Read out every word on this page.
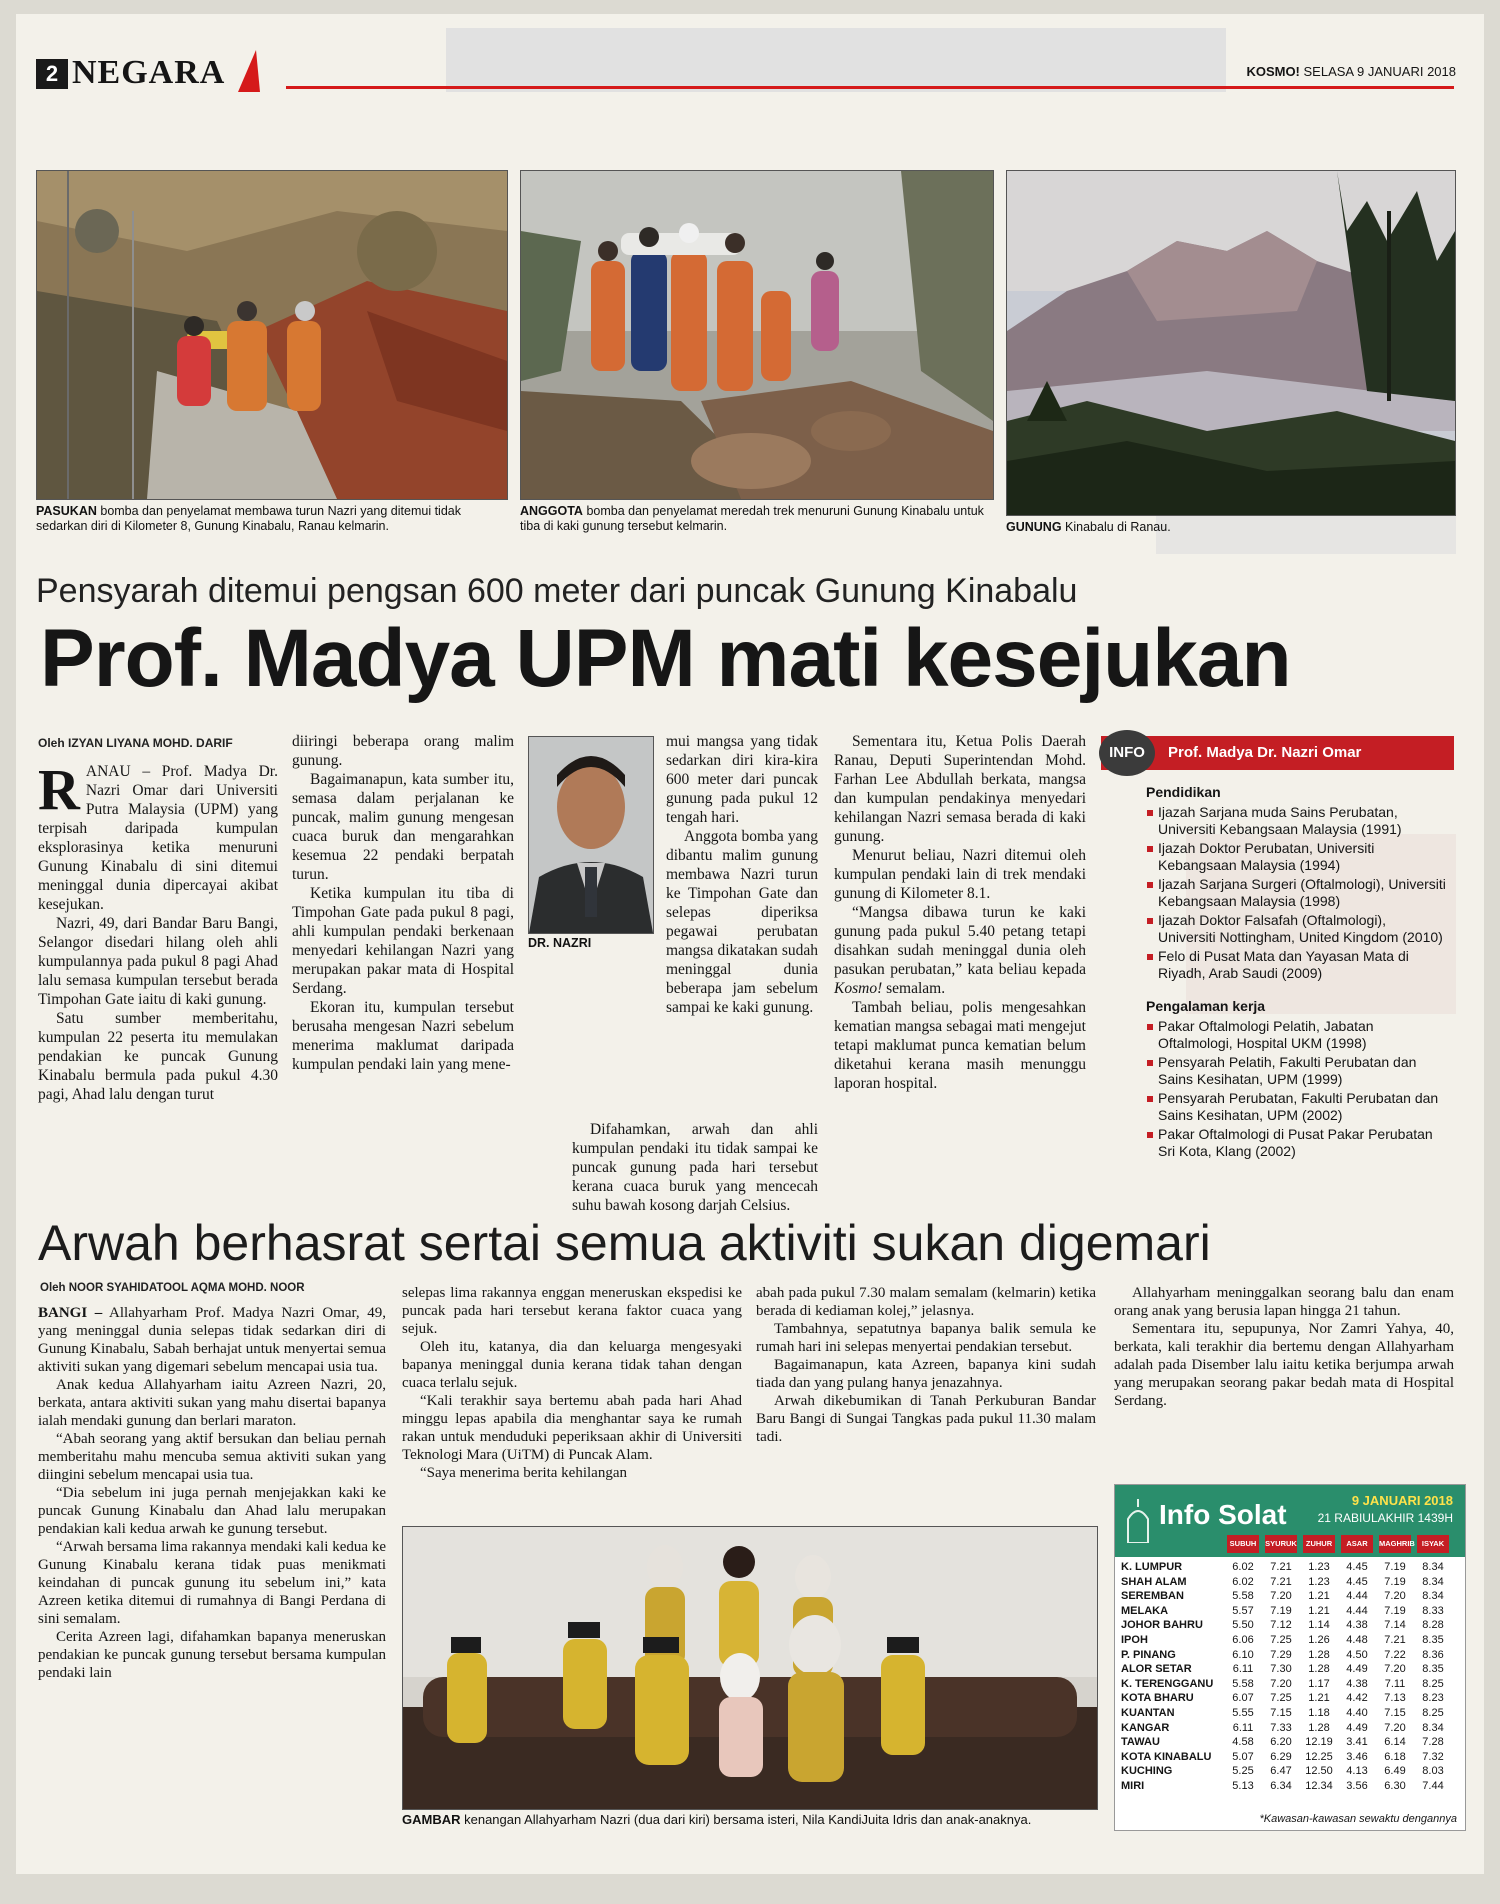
2 NEGARA	KOSMO! SELASA 9 JANUARI 2018
PASUKAN bomba dan penyelamat membawa turun Nazri yang ditemui tidak sedarkan diri di Kilometer 8, Gunung Kinabalu, Ranau kelmarin.
ANGGOTA bomba dan penyelamat meredah trek menuruni Gunung Kinabalu untuk tiba di kaki gunung tersebut kelmarin.	GUNUNG Kinabalu di Ranau.
Pensyarah ditemui pengsan 600 meter dari puncak Gunung Kinabalu
Prof. Madya UPM mati kesejukan
Oleh IZYAN LIYANA MOHD. DARIF

RANAU – Prof. Madya Dr. Nazri Omar dari Universiti Putra Malaysia (UPM) yang terpisah daripada kumpulan eksplorasinya ketika menuruni Gunung Kinabalu di sini ditemui meninggal dunia dipercayai akibat kesejukan.

Nazri, 49, dari Bandar Baru Bangi, Selangor disedari hilang oleh ahli kumpulannya pada pukul 8 pagi Ahad lalu semasa kumpulan tersebut berada Timpohan Gate iaitu di kaki gunung.

Satu sumber memberitahu, kumpulan 22 peserta itu memulakan pendakian ke puncak Gunung Kinabalu bermula pada pukul 4.30 pagi, Ahad lalu dengan turut

diiringi beberapa orang malim gunung.

Bagaimanapun, kata sumber itu, semasa dalam perjalanan ke puncak, malim gunung mengesan cuaca buruk dan mengarahkan kesemua 22 pendaki berpatah turun.

Ketika kumpulan itu tiba di Timpohan Gate pada pukul 8 pagi, ahli kumpulan pendaki berkenaan menyedari kehilangan Nazri yang merupakan pakar mata di Hospital Serdang.

Ekoran itu, kumpulan tersebut berusaha mengesan Nazri sebelum menerima maklumat daripada kumpulan pendaki lain yang mene-

DR. NAZRI

mui mangsa yang tidak sedarkan diri kira-kira 600 meter dari puncak gunung pada pukul 12 tengah hari.

Anggota bomba yang dibantu malim gunung membawa Nazri turun ke Timpohan Gate dan selepas diperiksa pegawai perubatan mangsa dikatakan sudah meninggal dunia beberapa jam sebelum sampai ke kaki gunung.

Difahamkan, arwah dan ahli kumpulan pendaki itu tidak sampai ke puncak gunung pada hari tersebut kerana cuaca buruk yang mencecah suhu bawah kosong darjah Celsius.

Sementara itu, Ketua Polis Daerah Ranau, Deputi Superintendan Mohd. Farhan Lee Abdullah berkata, mangsa dan kumpulan pendakinya menyedari kehilangan Nazri semasa berada di kaki gunung.

Menurut beliau, Nazri ditemui oleh kumpulan pendaki lain di trek mendaki gunung di Kilometer 8.1.

“Mangsa dibawa turun ke kaki gunung pada pukul 5.40 petang tetapi disahkan sudah meninggal dunia oleh pasukan perubatan,” kata beliau kepada Kosmo! semalam.

Tambah beliau, polis mengesahkan kematian mangsa sebagai mati mengejut tetapi maklumat punca kematian belum diketahui kerana masih menunggu laporan hospital.

INFO	Prof. Madya Dr. Nazri Omar
Pendidikan
Ijazah Sarjana muda Sains Perubatan, Universiti Kebangsaan Malaysia (1991)
Ijazah Doktor Perubatan, Universiti Kebangsaan Malaysia (1994)
Ijazah Sarjana Surgeri (Oftalmologi), Universiti Kebangsaan Malaysia (1998)
Ijazah Doktor Falsafah (Oftalmologi), Universiti Nottingham, United Kingdom (2010)
Felo di Pusat Mata dan Yayasan Mata di Riyadh, Arab Saudi (2009)
Pengalaman kerja
Pakar Oftalmologi Pelatih, Jabatan Oftalmologi, Hospital UKM (1998)
Pensyarah Pelatih, Fakulti Perubatan dan Sains Kesihatan, UPM (1999)
Pensyarah Perubatan, Fakulti Perubatan dan Sains Kesihatan, UPM (2002)
Pakar Oftalmologi di Pusat Pakar Perubatan Sri Kota, Klang (2002)
Arwah berhasrat sertai semua aktiviti sukan digemari
Oleh NOOR SYAHIDATOOL AQMA MOHD. NOOR

BANGI – Allahyarham Prof. Madya Nazri Omar, 49, yang meninggal dunia selepas tidak sedarkan diri di Gunung Kinabalu, Sabah berhajat untuk menyertai semua aktiviti sukan yang digemari sebelum mencapai usia tua.

Anak kedua Allahyarham iaitu Azreen Nazri, 20, berkata, antara aktiviti sukan yang mahu disertai bapanya ialah mendaki gunung dan berlari maraton.

“Abah seorang yang aktif bersukan dan beliau pernah memberitahu mahu mencuba semua aktiviti sukan yang diingini sebelum mencapai usia tua.

“Dia sebelum ini juga pernah menjejakkan kaki ke puncak Gunung Kinabalu dan Ahad lalu merupakan pendakian kali kedua arwah ke gunung tersebut.

“Arwah bersama lima rakannya mendaki kali kedua ke Gunung Kinabalu kerana tidak puas menikmati keindahan di puncak gunung itu sebelum ini,” kata Azreen ketika ditemui di rumahnya di Bangi Perdana di sini semalam.

Cerita Azreen lagi, difahamkan bapanya meneruskan pendakian ke puncak gunung tersebut bersama kumpulan pendaki lain

selepas lima rakannya enggan meneruskan ekspedisi ke puncak pada hari tersebut kerana faktor cuaca yang sejuk.

Oleh itu, katanya, dia dan keluarga mengesyaki bapanya meninggal dunia kerana tidak tahan dengan cuaca terlalu sejuk.

“Kali terakhir saya bertemu abah pada hari Ahad minggu lepas apabila dia menghantar saya ke rumah rakan untuk menduduki peperiksaan akhir di Universiti Teknologi Mara (UiTM) di Puncak Alam.

“Saya menerima berita kehilangan

abah pada pukul 7.30 malam semalam (kelmarin) ketika berada di kediaman kolej,” jelasnya.

Tambahnya, sepatutnya bapanya balik semula ke rumah hari ini selepas menyertai pendakian tersebut.

Bagaimanapun, kata Azreen, bapanya kini sudah tiada dan yang pulang hanya jenazahnya.

Arwah dikebumikan di Tanah Perkuburan Bandar Baru Bangi di Sungai Tangkas pada pukul 11.30 malam tadi.

Allahyarham meninggalkan seorang balu dan enam orang anak yang berusia lapan hingga 21 tahun.

Sementara itu, sepupunya, Nor Zamri Yahya, 40, berkata, kali terakhir dia bertemu dengan Allahyarham adalah pada Disember lalu iaitu ketika berjumpa arwah yang merupakan seorang pakar bedah mata di Hospital Serdang.

GAMBAR kenangan Allahyarham Nazri (dua dari kiri) bersama isteri, Nila KandiJuita Idris dan anak-anaknya.
Info Solat	9 JANUARI 2018
21 RABIULAKHIR 1439H
SUBUH	SYURUK	ZUHUR	ASAR	MAGHRIB ISYAK
K. LUMPUR	6.02	7.21	1.23	4.45	7.19	8.34
SHAH ALAM	6.02	7.21	1.23	4.45	7.19	8.34
SEREMBAN	5.58	7.20	1.21	4.44	7.20	8.34
MELAKA	5.57	7.19	1.21	4.44	7.19	8.33
JOHOR BAHRU	5.50	7.12	1.14	4.38	7.14	8.28
IPOH	6.06	7.25	1.26	4.48	7.21	8.35
P. PINANG	6.10	7.29	1.28	4.50	7.22	8.36
ALOR SETAR	6.11	7.30	1.28	4.49	7.20	8.35
K. TERENGGANU	5.58	7.20	1.17	4.38	7.11	8.25
KOTA BHARU	6.07	7.25	1.21	4.42	7.13	8.23
KUANTAN	5.55	7.15	1.18	4.40	7.15	8.25
KANGAR	6.11	7.33	1.28	4.49	7.20	8.34
TAWAU	4.58	6.20	12.19	3.41	6.14	7.28
KOTA KINABALU	5.07	6.29	12.25	3.46	6.18	7.32
KUCHING	5.25	6.47	12.50	4.13	6.49	8.03
MIRI	5.13	6.34	12.34	3.56	6.30	7.44
*Kawasan-kawasan sewaktu dengannya
